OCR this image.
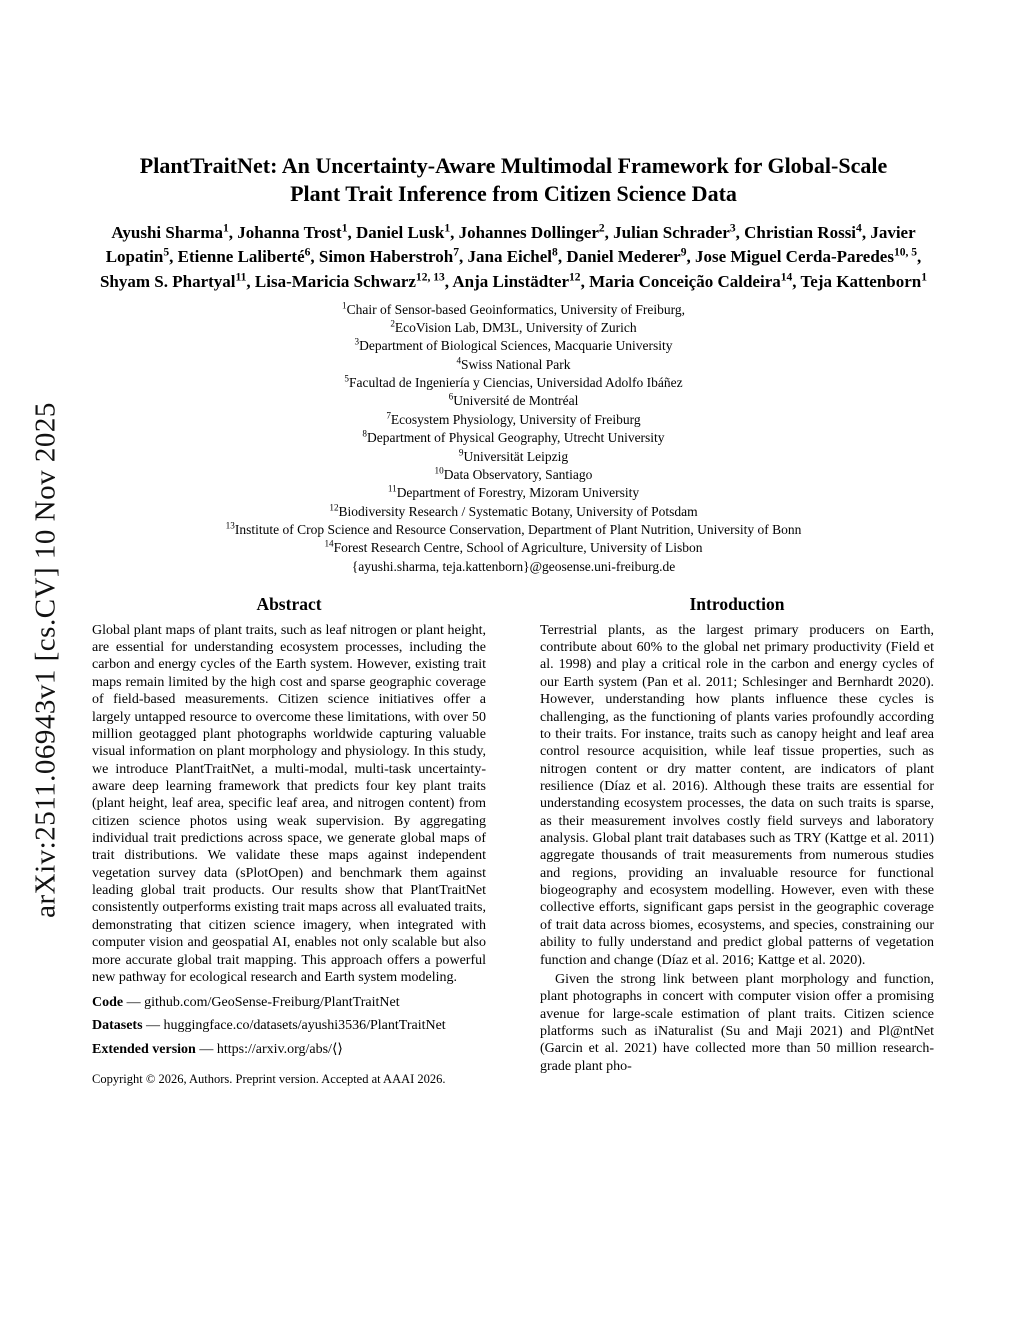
arXiv:2511.06943v1 [cs.CV] 10 Nov 2025
PlantTraitNet: An Uncertainty-Aware Multimodal Framework for Global-Scale
Plant Trait Inference from Citizen Science Data
Ayushi Sharma$^1$, Johanna Trost$^1$, Daniel Lusk$^1$, Johannes Dollinger$^2$, Julian Schrader$^3$, Christian Rossi$^4$, Javier Lopatin$^5$, Etienne Laliberté$^6$, Simon Haberstroh$^7$, Jana Eichel$^8$, Daniel Mederer$^9$, Jose Miguel Cerda-Paredes$^{10, 5}$, Shyam S. Phartyal$^{11}$, Lisa-Maricia Schwarz$^{12, 13}$, Anja Linstädter$^{12}$, Maria Conceição Caldeira$^{14}$, Teja Kattenborn$^1$
$^1$Chair of Sensor-based Geoinformatics, University of Freiburg,
$^2$EcoVision Lab, DM3L, University of Zurich
$^3$Department of Biological Sciences, Macquarie University
$^4$Swiss National Park
$^5$Facultad de Ingeniería y Ciencias, Universidad Adolfo Ibáñez
$^6$Université de Montréal
$^7$Ecosystem Physiology, University of Freiburg
$^8$Department of Physical Geography, Utrecht University
$^9$Universität Leipzig
$^{10}$Data Observatory, Santiago
$^{11}$Department of Forestry, Mizoram University
$^{12}$Biodiversity Research / Systematic Botany, University of Potsdam
$^{13}$Institute of Crop Science and Resource Conservation, Department of Plant Nutrition, University of Bonn
$^{14}$Forest Research Centre, School of Agriculture, University of Lisbon
{ayushi.sharma, teja.kattenborn}@geosense.uni-freiburg.de
Abstract

Global plant maps of plant traits, such as leaf nitrogen or plant height, are essential for understanding ecosystem processes, including the carbon and energy cycles of the Earth system. However, existing trait maps remain limited by the high cost and sparse geographic coverage of field-based measurements. Citizen science initiatives offer a largely untapped resource to overcome these limitations, with over 50 million geotagged plant photographs worldwide capturing valuable visual information on plant morphology and physiology. In this study, we introduce PlantTraitNet, a multi-modal, multi-task uncertainty-aware deep learning framework that predicts four key plant traits (plant height, leaf area, specific leaf area, and nitrogen content) from citizen science photos using weak supervision. By aggregating individual trait predictions across space, we generate global maps of trait distributions. We validate these maps against independent vegetation survey data (sPlotOpen) and benchmark them against leading global trait products. Our results show that PlantTraitNet consistently outperforms existing trait maps across all evaluated traits, demonstrating that citizen science imagery, when integrated with computer vision and geospatial AI, enables not only scalable but also more accurate global trait mapping. This approach offers a powerful new pathway for ecological research and Earth system modeling.

Code — github.com/GeoSense-Freiburg/PlantTraitNet
Datasets — huggingface.co/datasets/ayushi3536/PlantTraitNet
Extended version — https://arxiv.org/abs/⟨⟩
Copyright © 2026, Authors. Preprint version. Accepted at AAAI 2026.
Introduction

Terrestrial plants, as the largest primary producers on Earth, contribute about 60% to the global net primary productivity (Field et al. 1998) and play a critical role in the carbon and energy cycles of our Earth system (Pan et al. 2011; Schlesinger and Bernhardt 2020). However, understanding how plants influence these cycles is challenging, as the functioning of plants varies profoundly according to their traits. For instance, traits such as canopy height and leaf area control resource acquisition, while leaf tissue properties, such as nitrogen content or dry matter content, are indicators of plant resilience (Díaz et al. 2016). Although these traits are essential for understanding ecosystem processes, the data on such traits is sparse, as their measurement involves costly field surveys and laboratory analysis. Global plant trait databases such as TRY (Kattge et al. 2011) aggregate thousands of trait measurements from numerous studies and regions, providing an invaluable resource for functional biogeography and ecosystem modelling. However, even with these collective efforts, significant gaps persist in the geographic coverage of trait data across biomes, ecosystems, and species, constraining our ability to fully understand and predict global patterns of vegetation function and change (Díaz et al. 2016; Kattge et al. 2020).

Given the strong link between plant morphology and function, plant photographs in concert with computer vision offer a promising avenue for large-scale estimation of plant traits. Citizen science platforms such as iNaturalist (Su and Maji 2021) and Pl@ntNet (Garcin et al. 2021) have collected more than 50 million research-grade plant pho-
